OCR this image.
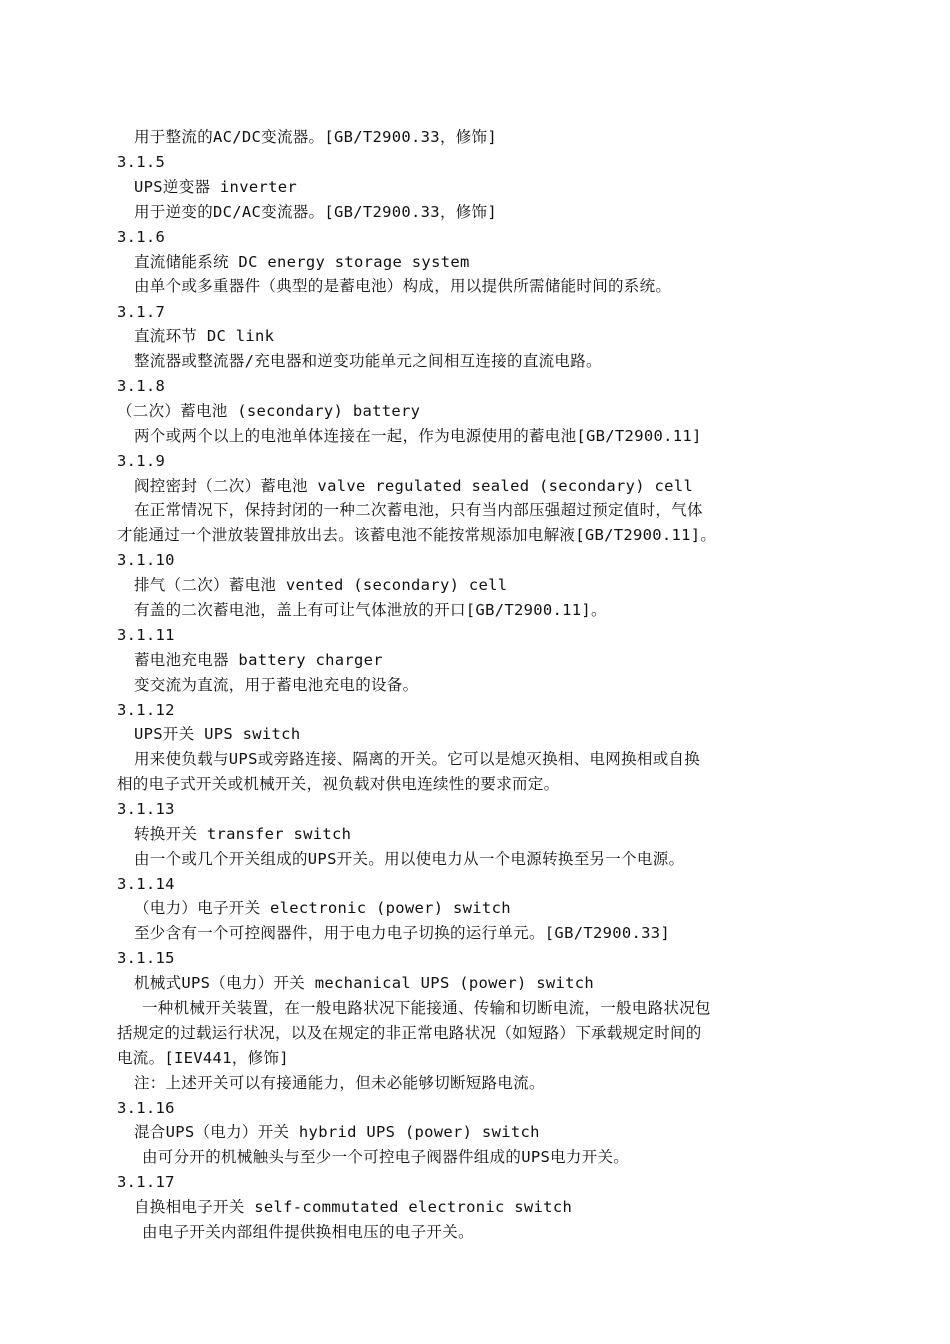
用于整流的AC/DC变流器。[GB/T2900.33，修饰]
3.1.5
UPS逆变器 inverter
用于逆变的DC/AC变流器。[GB/T2900.33，修饰]
3.1.6
直流储能系统 DC energy storage system
由单个或多重器件（典型的是蓄电池）构成，用以提供所需储能时间的系统。
3.1.7
直流环节 DC link
整流器或整流器/充电器和逆变功能单元之间相互连接的直流电路。
3.1.8
（二次）蓄电池 (secondary) battery
两个或两个以上的电池单体连接在一起，作为电源使用的蓄电池[GB/T2900.11]
3.1.9
阀控密封（二次）蓄电池 valve regulated sealed (secondary) cell
在正常情况下，保持封闭的一种二次蓄电池，只有当内部压强超过预定值时，气体
才能通过一个泄放装置排放出去。该蓄电池不能按常规添加电解液[GB/T2900.11]。
3.1.10
排气（二次）蓄电池 vented (secondary) cell
有盖的二次蓄电池，盖上有可让气体泄放的开口[GB/T2900.11]。
3.1.11
蓄电池充电器 battery charger
变交流为直流，用于蓄电池充电的设备。
3.1.12
UPS开关 UPS switch
用来使负载与UPS或旁路连接、隔离的开关。它可以是熄灭换相、电网换相或自换
相的电子式开关或机械开关，视负载对供电连续性的要求而定。
3.1.13
转换开关 transfer switch
由一个或几个开关组成的UPS开关。用以使电力从一个电源转换至另一个电源。
3.1.14
（电力）电子开关 electronic (power) switch
至少含有一个可控阀器件，用于电力电子切换的运行单元。[GB/T2900.33]
3.1.15
机械式UPS（电力）开关 mechanical UPS (power) switch
一种机械开关装置，在一般电路状况下能接通、传输和切断电流，一般电路状况包
括规定的过载运行状况，以及在规定的非正常电路状况（如短路）下承载规定时间的
电流。[IEV441，修饰]
注：上述开关可以有接通能力，但未必能够切断短路电流。
3.1.16
混合UPS（电力）开关 hybrid UPS (power) switch
由可分开的机械触头与至少一个可控电子阀器件组成的UPS电力开关。
3.1.17
自换相电子开关 self-commutated electronic switch
由电子开关内部组件提供换相电压的电子开关。
